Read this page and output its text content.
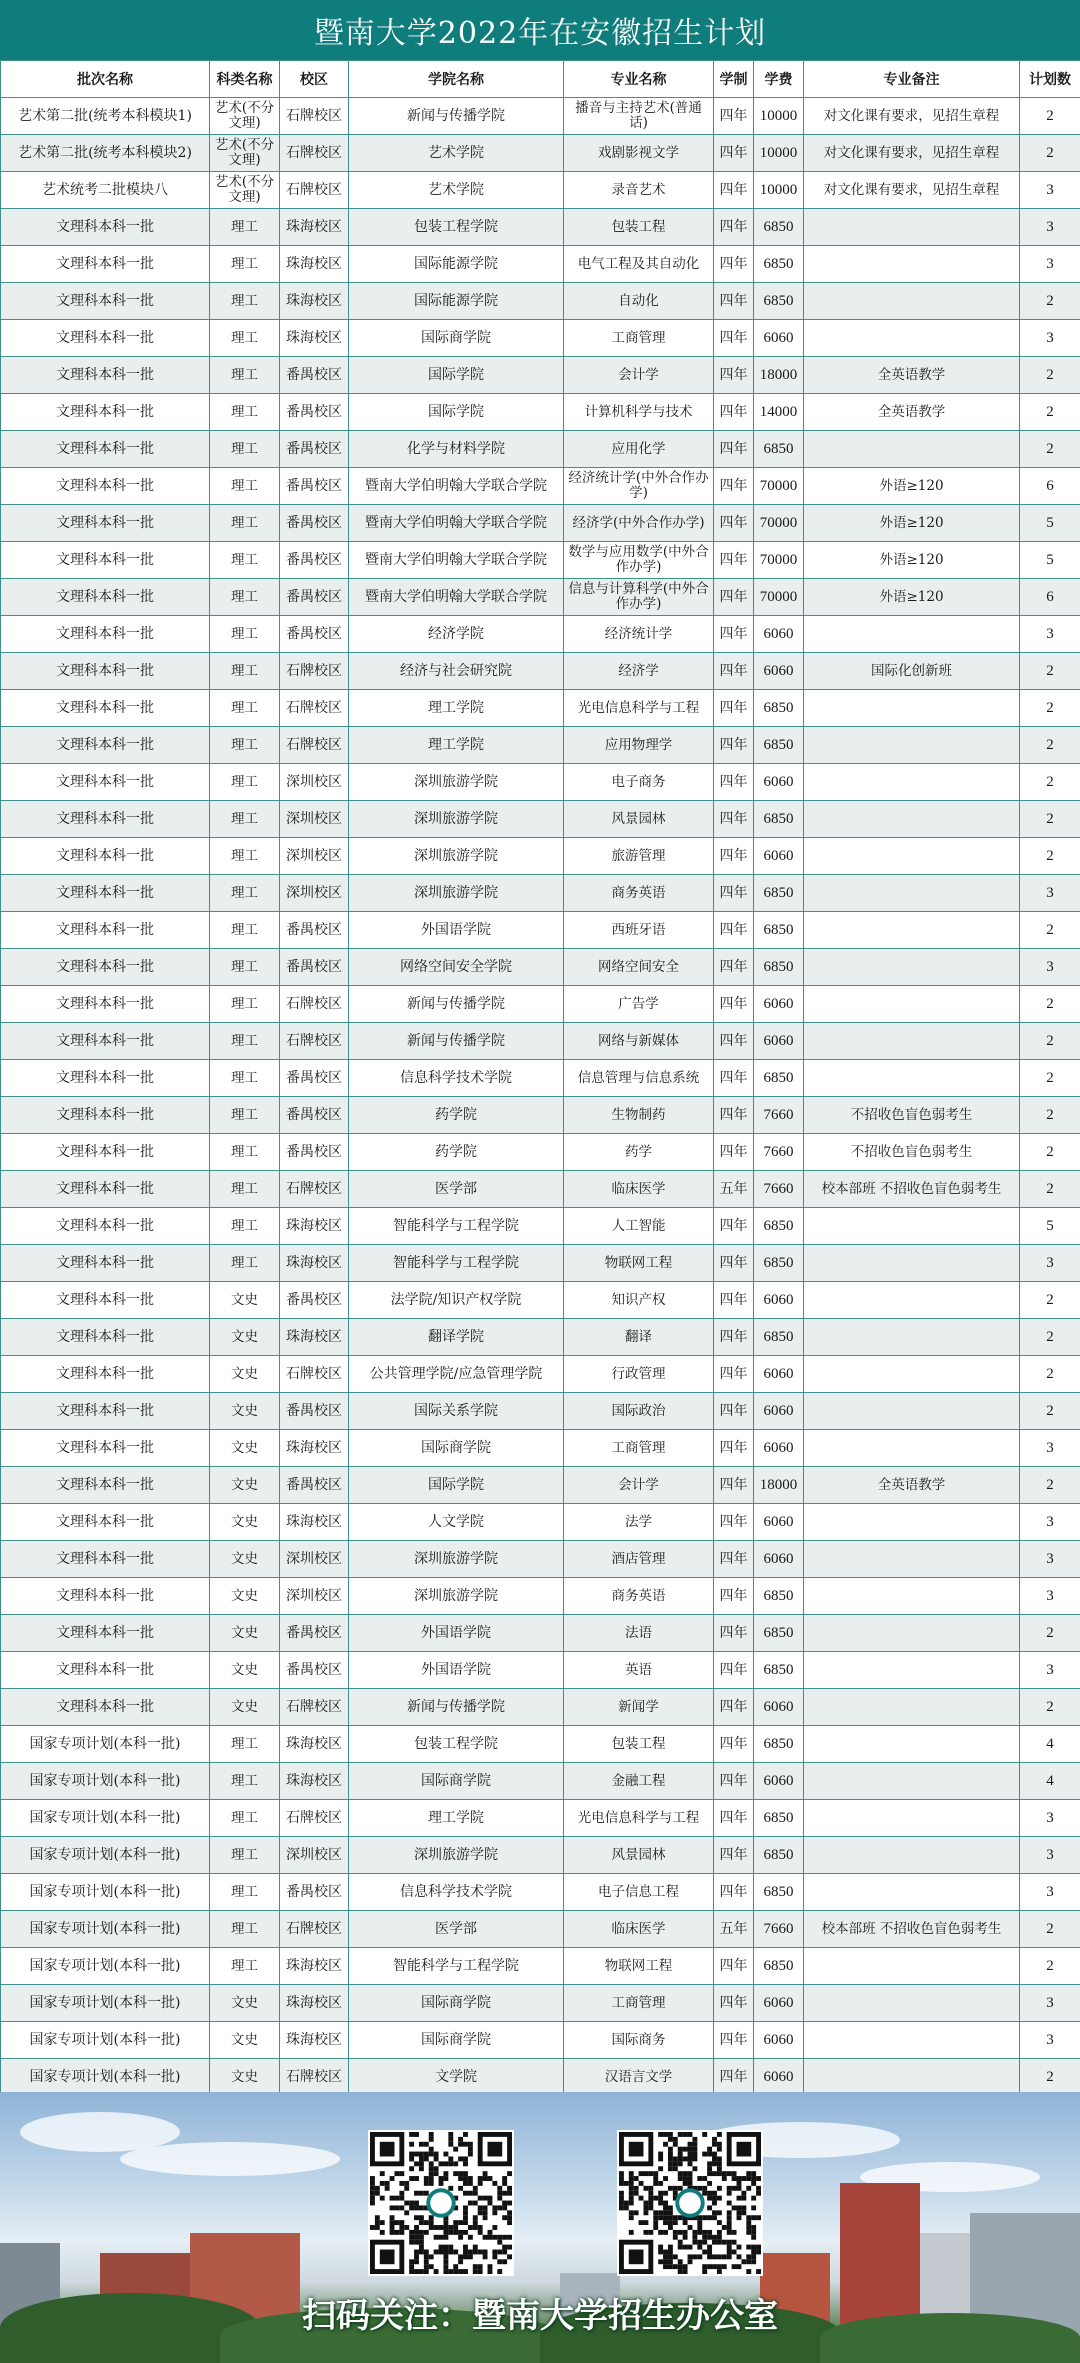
暨南大学2022年在安徽招生计划
批次名称	科类名称	校区	学院名称	专业名称	学制	学费	专业备注	计划数
艺术第二批(统考本科模块1)	艺术(不分文理)	石牌校区	新闻与传播学院	播音与主持艺术(普通话)	四年	10000	对文化课有要求，见招生章程	2
艺术第二批(统考本科模块2)	艺术(不分文理)	石牌校区	艺术学院	戏剧影视文学	四年	10000	对文化课有要求，见招生章程	2
艺术统考二批模块八	艺术(不分文理)	石牌校区	艺术学院	录音艺术	四年	10000	对文化课有要求，见招生章程	3
文理科本科一批	理工	珠海校区	包装工程学院	包装工程	四年	6850		3
文理科本科一批	理工	珠海校区	国际能源学院	电气工程及其自动化	四年	6850		3
文理科本科一批	理工	珠海校区	国际能源学院	自动化	四年	6850		2
文理科本科一批	理工	珠海校区	国际商学院	工商管理	四年	6060		3
文理科本科一批	理工	番禺校区	国际学院	会计学	四年	18000	全英语教学	2
文理科本科一批	理工	番禺校区	国际学院	计算机科学与技术	四年	14000	全英语教学	2
文理科本科一批	理工	番禺校区	化学与材料学院	应用化学	四年	6850		2
文理科本科一批	理工	番禺校区	暨南大学伯明翰大学联合学院	经济统计学(中外合作办学)	四年	70000	外语≥120	6
文理科本科一批	理工	番禺校区	暨南大学伯明翰大学联合学院	经济学(中外合作办学)	四年	70000	外语≥120	5
文理科本科一批	理工	番禺校区	暨南大学伯明翰大学联合学院	数学与应用数学(中外合作办学)	四年	70000	外语≥120	5
文理科本科一批	理工	番禺校区	暨南大学伯明翰大学联合学院	信息与计算科学(中外合作办学)	四年	70000	外语≥120	6
文理科本科一批	理工	番禺校区	经济学院	经济统计学	四年	6060		3
文理科本科一批	理工	石牌校区	经济与社会研究院	经济学	四年	6060	国际化创新班	2
文理科本科一批	理工	石牌校区	理工学院	光电信息科学与工程	四年	6850		2
文理科本科一批	理工	石牌校区	理工学院	应用物理学	四年	6850		2
文理科本科一批	理工	深圳校区	深圳旅游学院	电子商务	四年	6060		2
文理科本科一批	理工	深圳校区	深圳旅游学院	风景园林	四年	6850		2
文理科本科一批	理工	深圳校区	深圳旅游学院	旅游管理	四年	6060		2
文理科本科一批	理工	深圳校区	深圳旅游学院	商务英语	四年	6850		3
文理科本科一批	理工	番禺校区	外国语学院	西班牙语	四年	6850		2
文理科本科一批	理工	番禺校区	网络空间安全学院	网络空间安全	四年	6850		3
文理科本科一批	理工	石牌校区	新闻与传播学院	广告学	四年	6060		2
文理科本科一批	理工	石牌校区	新闻与传播学院	网络与新媒体	四年	6060		2
文理科本科一批	理工	番禺校区	信息科学技术学院	信息管理与信息系统	四年	6850		2
文理科本科一批	理工	番禺校区	药学院	生物制药	四年	7660	不招收色盲色弱考生	2
文理科本科一批	理工	番禺校区	药学院	药学	四年	7660	不招收色盲色弱考生	2
文理科本科一批	理工	石牌校区	医学部	临床医学	五年	7660	校本部班 不招收色盲色弱考生	2
文理科本科一批	理工	珠海校区	智能科学与工程学院	人工智能	四年	6850		5
文理科本科一批	理工	珠海校区	智能科学与工程学院	物联网工程	四年	6850		3
文理科本科一批	文史	番禺校区	法学院/知识产权学院	知识产权	四年	6060		2
文理科本科一批	文史	珠海校区	翻译学院	翻译	四年	6850		2
文理科本科一批	文史	石牌校区	公共管理学院/应急管理学院	行政管理	四年	6060		2
文理科本科一批	文史	番禺校区	国际关系学院	国际政治	四年	6060		2
文理科本科一批	文史	珠海校区	国际商学院	工商管理	四年	6060		3
文理科本科一批	文史	番禺校区	国际学院	会计学	四年	18000	全英语教学	2
文理科本科一批	文史	珠海校区	人文学院	法学	四年	6060		3
文理科本科一批	文史	深圳校区	深圳旅游学院	酒店管理	四年	6060		3
文理科本科一批	文史	深圳校区	深圳旅游学院	商务英语	四年	6850		3
文理科本科一批	文史	番禺校区	外国语学院	法语	四年	6850		2
文理科本科一批	文史	番禺校区	外国语学院	英语	四年	6850		3
文理科本科一批	文史	石牌校区	新闻与传播学院	新闻学	四年	6060		2
国家专项计划(本科一批)	理工	珠海校区	包装工程学院	包装工程	四年	6850		4
国家专项计划(本科一批)	理工	珠海校区	国际商学院	金融工程	四年	6060		4
国家专项计划(本科一批)	理工	石牌校区	理工学院	光电信息科学与工程	四年	6850		3
国家专项计划(本科一批)	理工	深圳校区	深圳旅游学院	风景园林	四年	6850		3
国家专项计划(本科一批)	理工	番禺校区	信息科学技术学院	电子信息工程	四年	6850		3
国家专项计划(本科一批)	理工	石牌校区	医学部	临床医学	五年	7660	校本部班 不招收色盲色弱考生	2
国家专项计划(本科一批)	理工	珠海校区	智能科学与工程学院	物联网工程	四年	6850		2
国家专项计划(本科一批)	文史	珠海校区	国际商学院	工商管理	四年	6060		3
国家专项计划(本科一批)	文史	珠海校区	国际商学院	国际商务	四年	6060		3
国家专项计划(本科一批)	文史	石牌校区	文学院	汉语言文学	四年	6060		2
扫码关注：暨南大学招生办公室
